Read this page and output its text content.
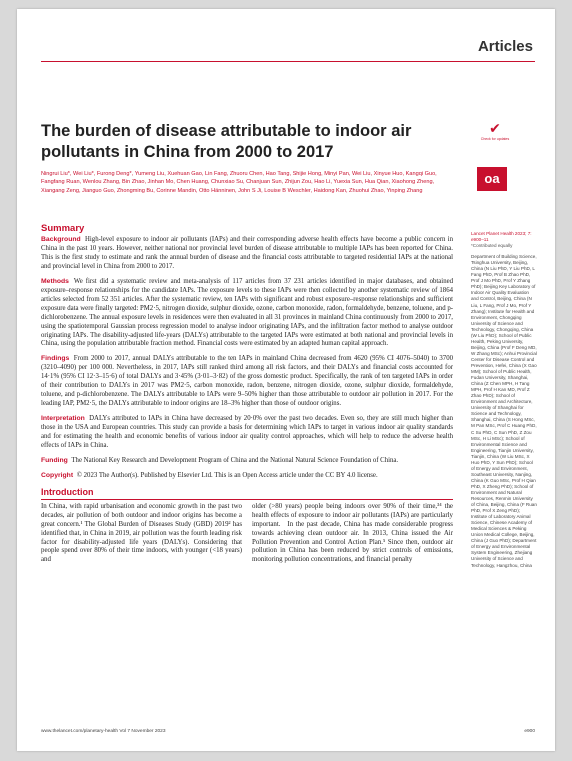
Articles
The burden of disease attributable to indoor air pollutants in China from 2000 to 2017
✔︎
Check for updates
oa
Ningrui Liu*, Wei Liu*, Furong Deng*, Yumeng Liu, Xuehuan Gao, Lin Fang, Zhuoru Chen, Hao Tang, Shijie Hong, Minyi Pan, Wei Liu, Xinyue Huo, Kangqi Guo, Fangfang Ruan, Wenlou Zhang, Bin Zhao, Jinhan Mo, Chen Huang, Chunxiao Su, Chanjuan Sun, Zhijun Zou, Hao Li, Yuexia Sun, Hua Qian, Xiaohong Zheng, Xiangang Zeng, Jianguo Guo, Zhongming Bu, Corinne Mandin, Otto Hänninen, John S Ji, Louise B Weschler, Haidong Kan, Zhuohui Zhao, Yinping Zhang
Summary

Background High-level exposure to indoor air pollutants (IAPs) and their corresponding adverse health effects have become a public concern in China in the past 10 years. However, neither national nor provincial level burden of disease attributable to multiple IAPs has been reported for China. This is the first study to estimate and rank the annual burden of disease and the financial costs attributable to targeted residential IAPs at the national and provincial level in China from 2000 to 2017.

Methods We first did a systematic review and meta-analysis of 117 articles from 37 231 articles identified in major databases, and obtained exposure–response relationships for the candidate IAPs. The exposure levels to these IAPs were then collected by another systematic review of 1864 articles selected from 52 351 articles. After the systematic review, ten IAPs with significant and robust exposure–response relationships and sufficient exposure data were finally targeted: PM2·5, nitrogen dioxide, sulphur dioxide, ozone, carbon monoxide, radon, formaldehyde, benzene, toluene, and p-dichlorobenzene. The annual exposure levels in residences were then evaluated in all 31 provinces in mainland China continuously from 2000 to 2017, using the spatiotemporal Gaussian process regression model to analyse indoor originating IAPs, and the infiltration factor method to analyse outdoor originating IAPs. The disability-adjusted life-years (DALYs) attributable to the targeted IAPs were estimated at both national and provincial levels in China, using the population attributable fraction method. Financial costs were estimated by an adapted human capital approach.

Findings From 2000 to 2017, annual DALYs attributable to the ten IAPs in mainland China decreased from 4620 (95% CI 4076–5040) to 3700 (3210–4090) per 100 000. Nevertheless, in 2017, IAPs still ranked third among all risk factors, and their DALYs and financial costs accounted for 14·1% (95% CI 12·3–15·6) of total DALYs and 3·45% (3·01–3·82) of the gross domestic product. Specifically, the rank of ten targeted IAPs in order of their contribution to DALYs in 2017 was PM2·5, carbon monoxide, radon, benzene, nitrogen dioxide, ozone, sulphur dioxide, formaldehyde, toluene, and p-dichlorobenzene. The DALYs attributable to IAPs were 9–50% higher than those attributable to outdoor air pollution in 2017. For the leading IAP, PM2·5, the DALYs attributable to indoor origins are 18–3% higher than those of outdoor origins.

Interpretation DALYs attributed to IAPs in China have decreased by 20·0% over the past two decades. Even so, they are still much higher than those in the USA and European countries. This study can provide a basis for determining which IAPs to target in various indoor air quality standards and for estimating the health and economic benefits of various indoor air quality control approaches, which will help to reduce the adverse health effects of IAPs in China.

Funding The National Key Research and Development Program of China and the National Natural Science Foundation of China.

Copyright © 2023 The Author(s). Published by Elsevier Ltd. This is an Open Access article under the CC BY 4.0 license.

Introduction
In China, with rapid urbanisation and economic growth in the past two decades, air pollution of both outdoor and indoor origins has become a great concern.¹ The Global Burden of Diseases Study (GBD) 2019² has identified that, in China in 2019, air pollution was the fourth leading risk factor for disability-adjusted life years (DALYs). Considering that people spend over 80% of their time indoors, with younger (<18 years) and
older (>80 years) people being indoors over 90% of their time,³⁴ the health effects of exposure to indoor air pollutants (IAPs) are particularly important. In the past decade, China has made considerable progress towards achieving clean outdoor air. In 2013, China issued the Air Pollution Prevention and Control Action Plan.⁵ Since then, outdoor air pollution in China has been reduced by strict controls of emissions, monitoring pollution concentrations, and financial penalty
Lancet Planet Health 2023; 7: e900–11
*Contributed equally
Department of Building Science, Tsinghua University, Beijing, China (N Liu PhD, Y Liu PhD, L Fang PhD, Prof B Zhao PhD, Prof J Mo PhD, Prof Y Zhang PhD); Beijing Key Laboratory of Indoor Air Quality Evaluation and Control, Beijing, China (N Liu, L Fang, Prof J Mo, Prof Y Zhang); Institute for Health and Environment, Chongqing University of Science and Technology, Chongqing, China (W Liu PhD); School of Public Health, Peking University, Beijing, China (Prof F Deng MD, W Zhang MSc); Anhui Provincial Center for Disease Control and Prevention, Hefei, China (X Gao MM); School of Public Health, Fudan University, Shanghai, China (Z Chen MPH, H Tang MPH, Prof H Kan MD, Prof Z Zhao PhD); School of Environment and Architecture, University of Shanghai for Science and Technology, Shanghai, China (S Hong MSc, M Pan MSc, Prof C Huang PhD, C Su PhD, C Sun PhD, Z Zou MSc, H Li MSc); School of Environmental Science and Engineering, Tianjin University, Tianjin, China (W Liu MSc, X Huo PhD, Y Sun PhD); School of Energy and Environment, Southeast University, Nanjing, China (K Guo MSc, Prof H Qian PhD, X Zheng PhD); School of Environment and Natural Resources, Renmin University of China, Beijing, China (F Ruan PhD, Prof X Zeng PhD); Institute of Laboratory Animal Science, Chinese Academy of Medical Sciences & Peking Union Medical College, Beijing, China (J Guo PhD); Department of Energy and Environmental System Engineering, Zhejiang University of Science and Technology, Hangzhou, China
www.thelancet.com/planetary-health Vol 7 November 2023	e900
